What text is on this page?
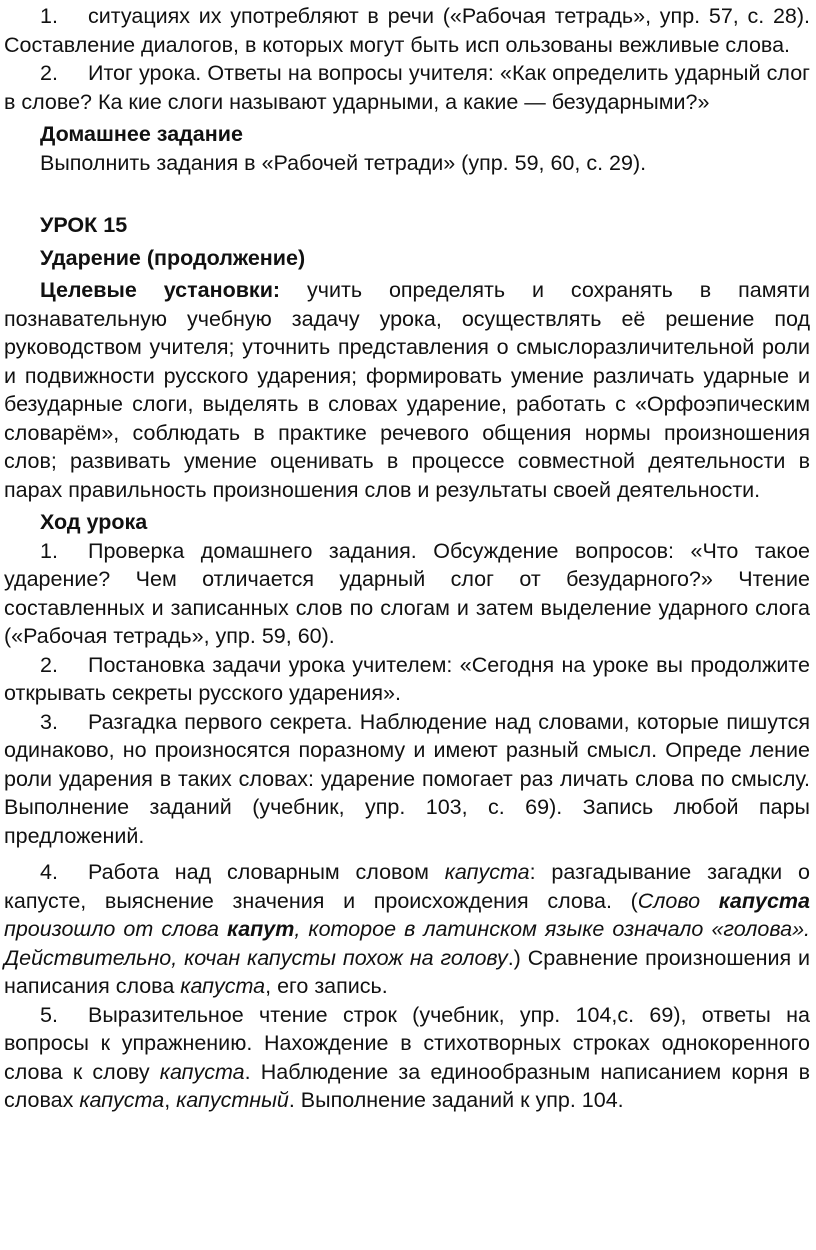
1. ситуациях их употребляют в речи («Рабочая тетрадь», упр. 57, с. 28). Составление диалогов, в которых могут быть исп ользованы вежливые слова.

2. Итог урока. Ответы на вопросы учителя: «Как определить ударный слог в слове? Ка кие слоги называют ударными, а какие — безударными?»

Домашнее задание

Выполнить задания в «Рабочей тетради» (упр. 59, 60, с. 29).

УРОК 15

Ударение (продолжение)

Целевые установки: учить определять и сохранять в памяти познавательную учебную задачу урока, осуществлять её решение под руководством учителя; уточнить представления о смыслоразличительной роли и подвижности русского ударения; формировать умение различать ударные и безударные слоги, выделять в словах ударение, работать с «Орфоэпическим словарём», соблюдать в практике речевого общения нормы произношения слов; развивать умение оценивать в процессе совместной деятельности в парах правильность произношения слов и результаты своей деятельности.

Ход урока

1. Проверка домашнего задания. Обсуждение вопросов: «Что такое ударение? Чем отличается ударный слог от безударного?» Чтение составленных и записанных слов по слогам и затем выделение ударного слога («Рабочая тетрадь», упр. 59, 60).

2. Постановка задачи урока учителем: «Сегодня на уроке вы продолжите открывать секреты русского ударения».

3. Разгадка первого секрета. Наблюдение над словами, которые пишутся одинаково, но произносятся поразному и имеют разный смысл. Опреде ление роли ударения в таких словах: ударение помогает раз личать слова по смыслу. Выполнение заданий (учебник, упр. 103, с. 69). Запись любой пары предложений.

4. Работа над словарным словом капуста: разгадывание загадки о капусте, выяснение значения и происхождения слова. (Слово капуста произошло от слова капут, которое в латинском языке означало «голова». Действительно, кочан капусты похож на голову.) Сравнение произношения и написания слова капуста, его запись.

5. Выразительное чтение строк (учебник, упр. 104,с. 69), ответы на вопросы к упражнению. Нахождение в стихотворных строках однокоренного слова к слову капуста. Наблюдение за единообразным написанием корня в словах капуста, капустный. Выполнение заданий к упр. 104.
